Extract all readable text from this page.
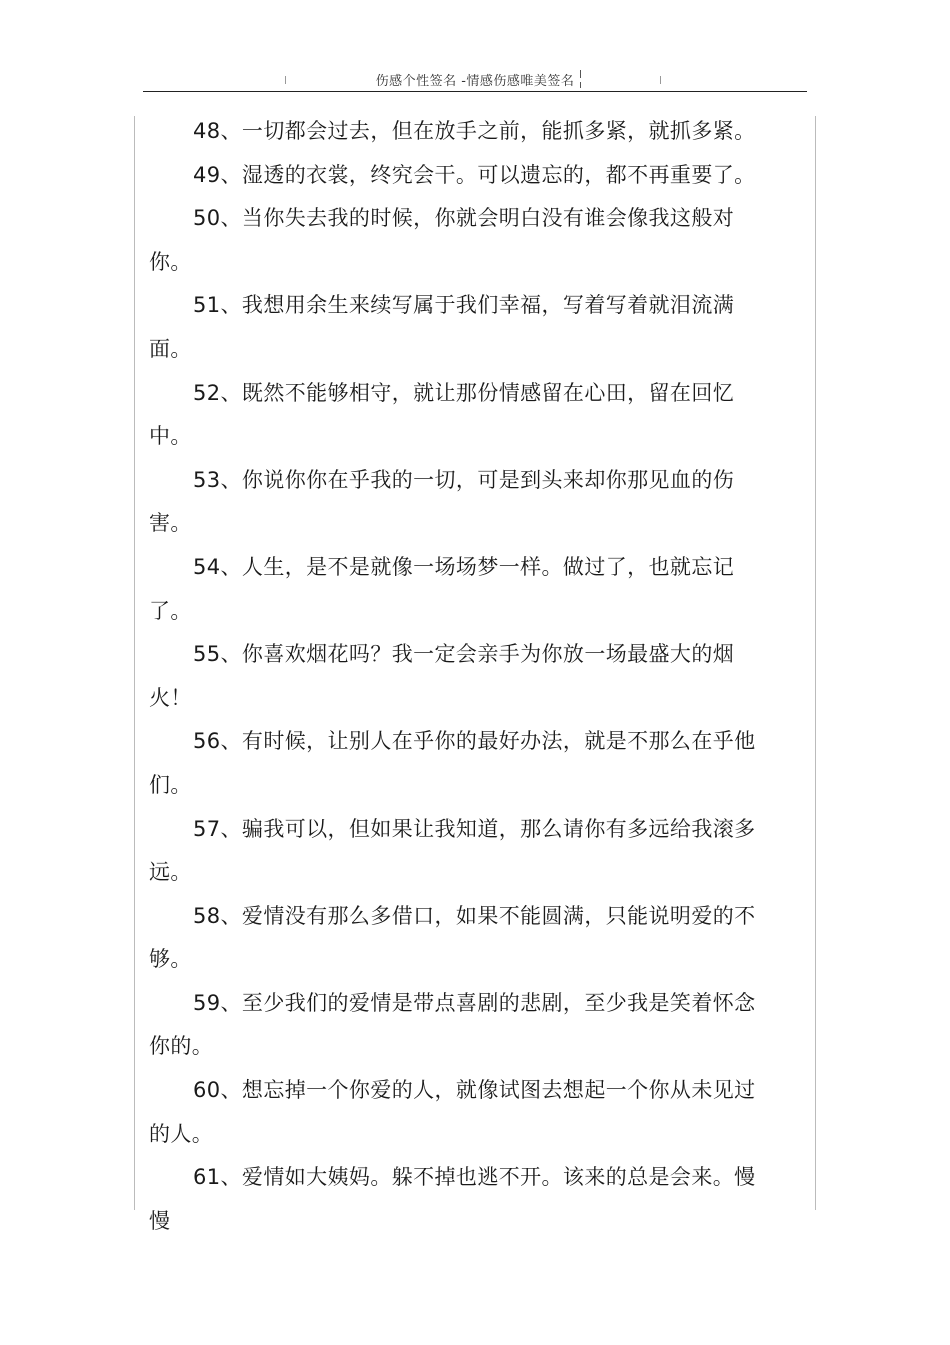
伤感个性签名 -情感伤感唯美签名

48、一切都会过去，但在放手之前，能抓多紧，就抓多紧。

49、湿透的衣裳，终究会干。可以遗忘的，都不再重要了。

50、当你失去我的时候，你就会明白没有谁会像我这般对你。

51、我想用余生来续写属于我们幸福，写着写着就泪流满面。

52、既然不能够相守，就让那份情感留在心田，留在回忆中。

53、你说你你在乎我的一切，可是到头来却你那见血的伤害。

54、人生，是不是就像一场场梦一样。做过了，也就忘记了。

55、你喜欢烟花吗？我一定会亲手为你放一场最盛大的烟火！

56、有时候，让别人在乎你的最好办法，就是不那么在乎他们。

57、骗我可以，但如果让我知道，那么请你有多远给我滚多远。

58、爱情没有那么多借口，如果不能圆满，只能说明爱的不够。

59、至少我们的爱情是带点喜剧的悲剧，至少我是笑着怀念你的。

60、想忘掉一个你爱的人，就像试图去想起一个你从未见过的人。

61、爱情如大姨妈。躲不掉也逃不开。该来的总是会来。慢慢
